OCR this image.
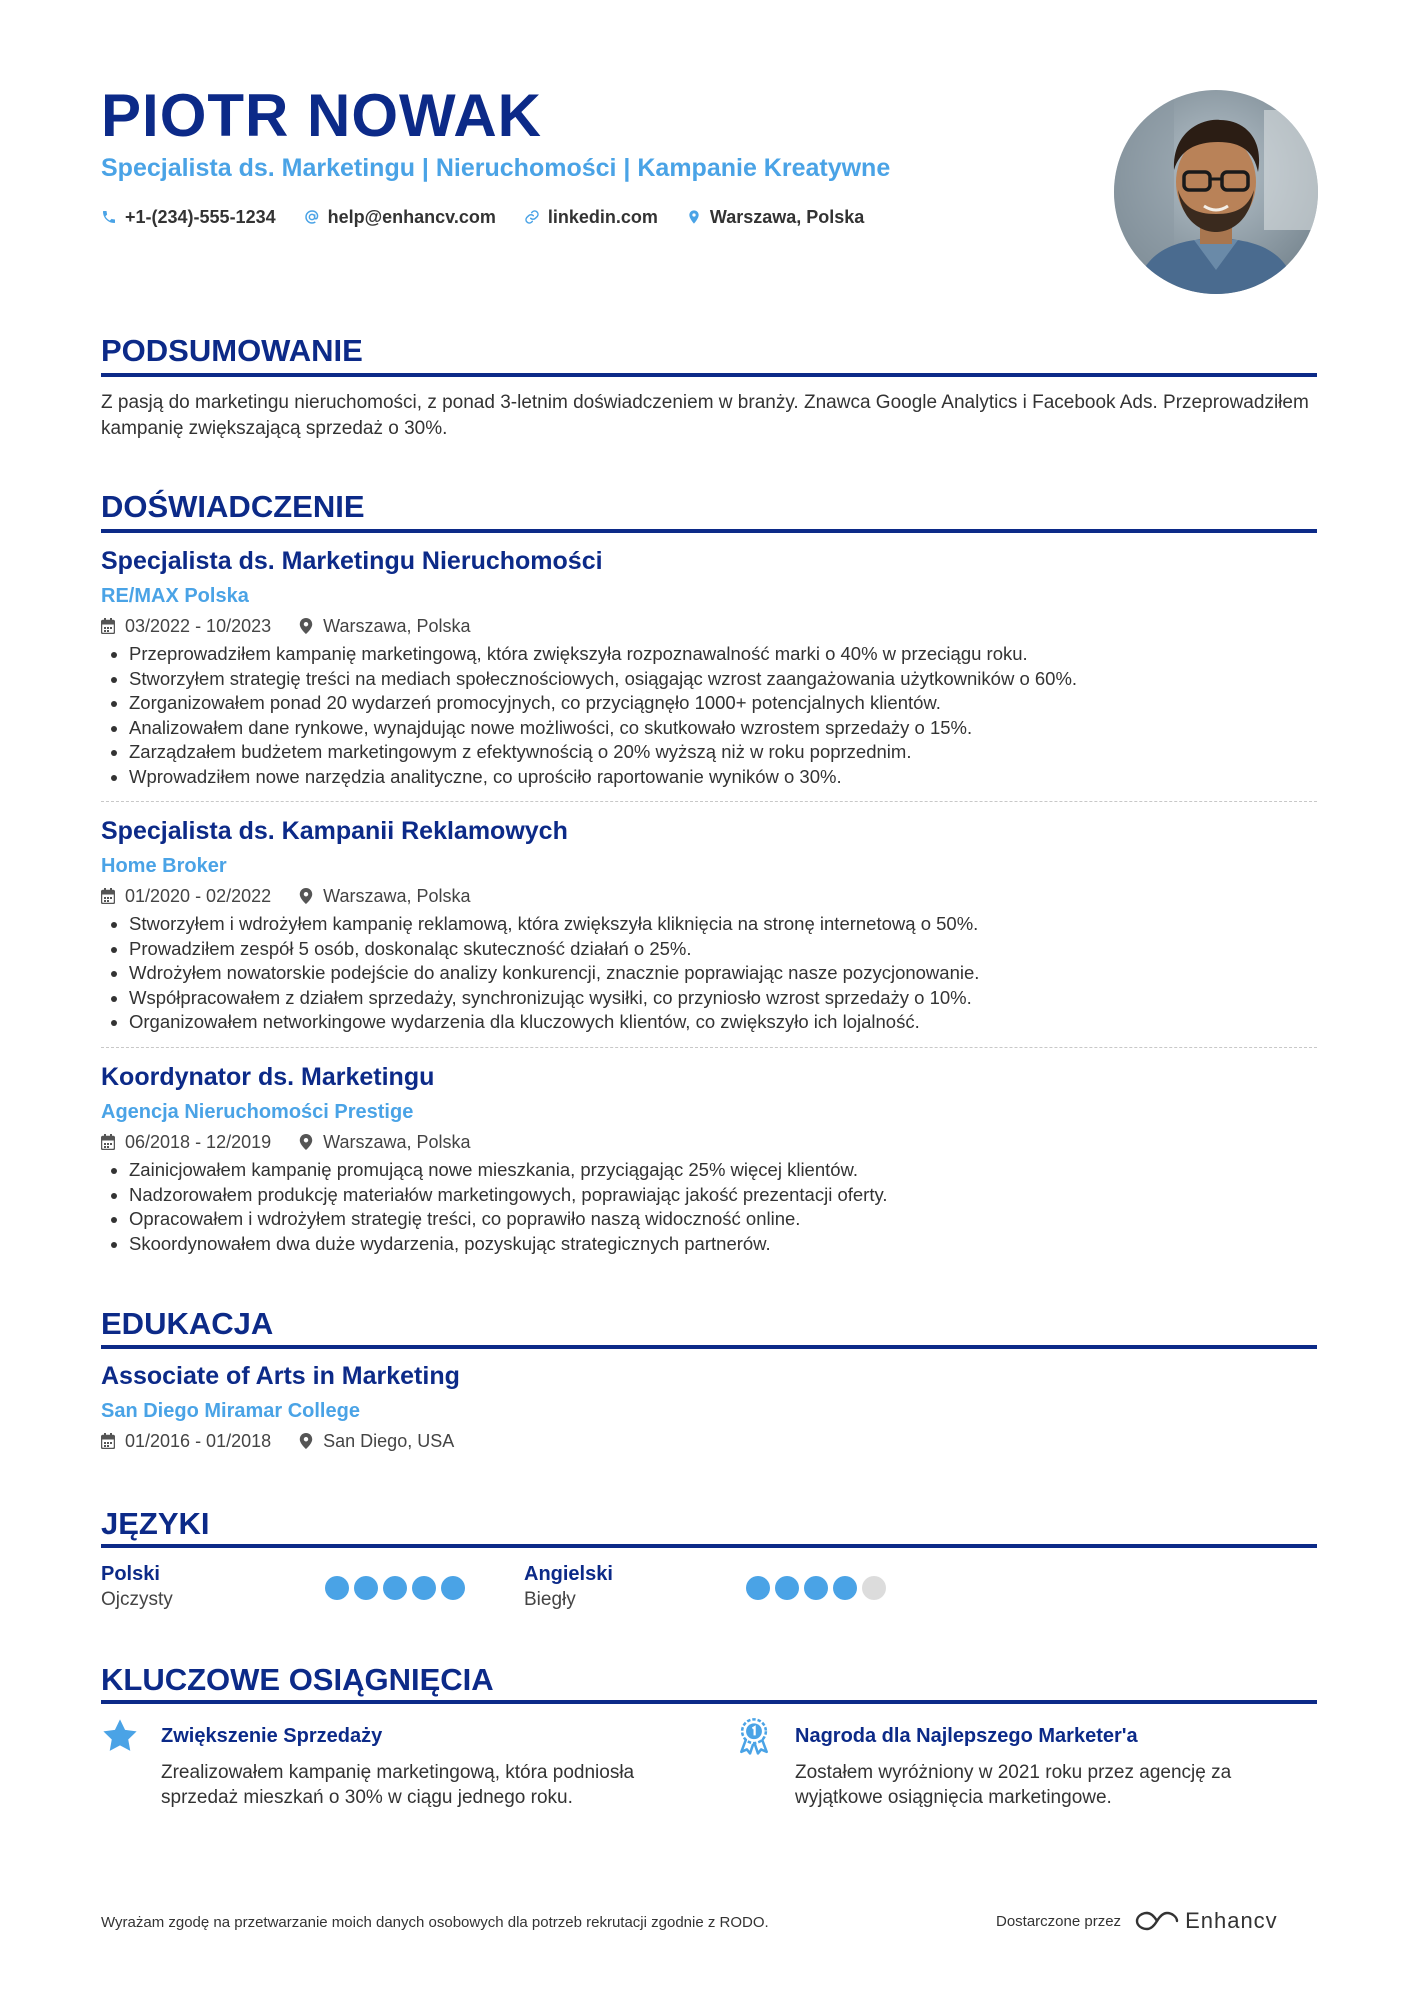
PIOTR NOWAK
Specjalista ds. Marketingu | Nieruchomości | Kampanie Kreatywne
+1-(234)-555-1234	help@enhancv.com	linkedin.com	Warszawa, Polska
PODSUMOWANIE
Z pasją do marketingu nieruchomości, z ponad 3-letnim doświadczeniem w branży. Znawca Google Analytics i Facebook Ads. Przeprowadziłem kampanię zwiększającą sprzedaż o 30%.
DOŚWIADCZENIE
Specjalista ds. Marketingu Nieruchomości
RE/MAX Polska
03/2022 - 10/2023	Warszawa, Polska
• Przeprowadziłem kampanię marketingową, która zwiększyła rozpoznawalność marki o 40% w przeciągu roku.
• Stworzyłem strategię treści na mediach społecznościowych, osiągając wzrost zaangażowania użytkowników o 60%.
• Zorganizowałem ponad 20 wydarzeń promocyjnych, co przyciągnęło 1000+ potencjalnych klientów.
• Analizowałem dane rynkowe, wynajdując nowe możliwości, co skutkowało wzrostem sprzedaży o 15%.
• Zarządzałem budżetem marketingowym z efektywnością o 20% wyższą niż w roku poprzednim.
• Wprowadziłem nowe narzędzia analityczne, co uprościło raportowanie wyników o 30%.
Specjalista ds. Kampanii Reklamowych
Home Broker
01/2020 - 02/2022	Warszawa, Polska
• Stworzyłem i wdrożyłem kampanię reklamową, która zwiększyła kliknięcia na stronę internetową o 50%.
• Prowadziłem zespół 5 osób, doskonaląc skuteczność działań o 25%.
• Wdrożyłem nowatorskie podejście do analizy konkurencji, znacznie poprawiając nasze pozycjonowanie.
• Współpracowałem z działem sprzedaży, synchronizując wysiłki, co przyniosło wzrost sprzedaży o 10%.
• Organizowałem networkingowe wydarzenia dla kluczowych klientów, co zwiększyło ich lojalność.
Koordynator ds. Marketingu
Agencja Nieruchomości Prestige
06/2018 - 12/2019	Warszawa, Polska
• Zainicjowałem kampanię promującą nowe mieszkania, przyciągając 25% więcej klientów.
• Nadzorowałem produkcję materiałów marketingowych, poprawiając jakość prezentacji oferty.
• Opracowałem i wdrożyłem strategię treści, co poprawiło naszą widoczność online.
• Skoordynowałem dwa duże wydarzenia, pozyskując strategicznych partnerów.
EDUKACJA
Associate of Arts in Marketing
San Diego Miramar College
01/2016 - 01/2018	San Diego, USA
JĘZYKI
Polski
Ojczysty
Angielski
Biegły
KLUCZOWE OSIĄGNIĘCIA
Zwiększenie Sprzedaży
Zrealizowałem kampanię marketingową, która podniosła sprzedaż mieszkań o 30% w ciągu jednego roku.
Nagroda dla Najlepszego Marketer'a
Zostałem wyróżniony w 2021 roku przez agencję za wyjątkowe osiągnięcia marketingowe.
Wyrażam zgodę na przetwarzanie moich danych osobowych dla potrzeb rekrutacji zgodnie z RODO.	Dostarczone przez	Enhancv
